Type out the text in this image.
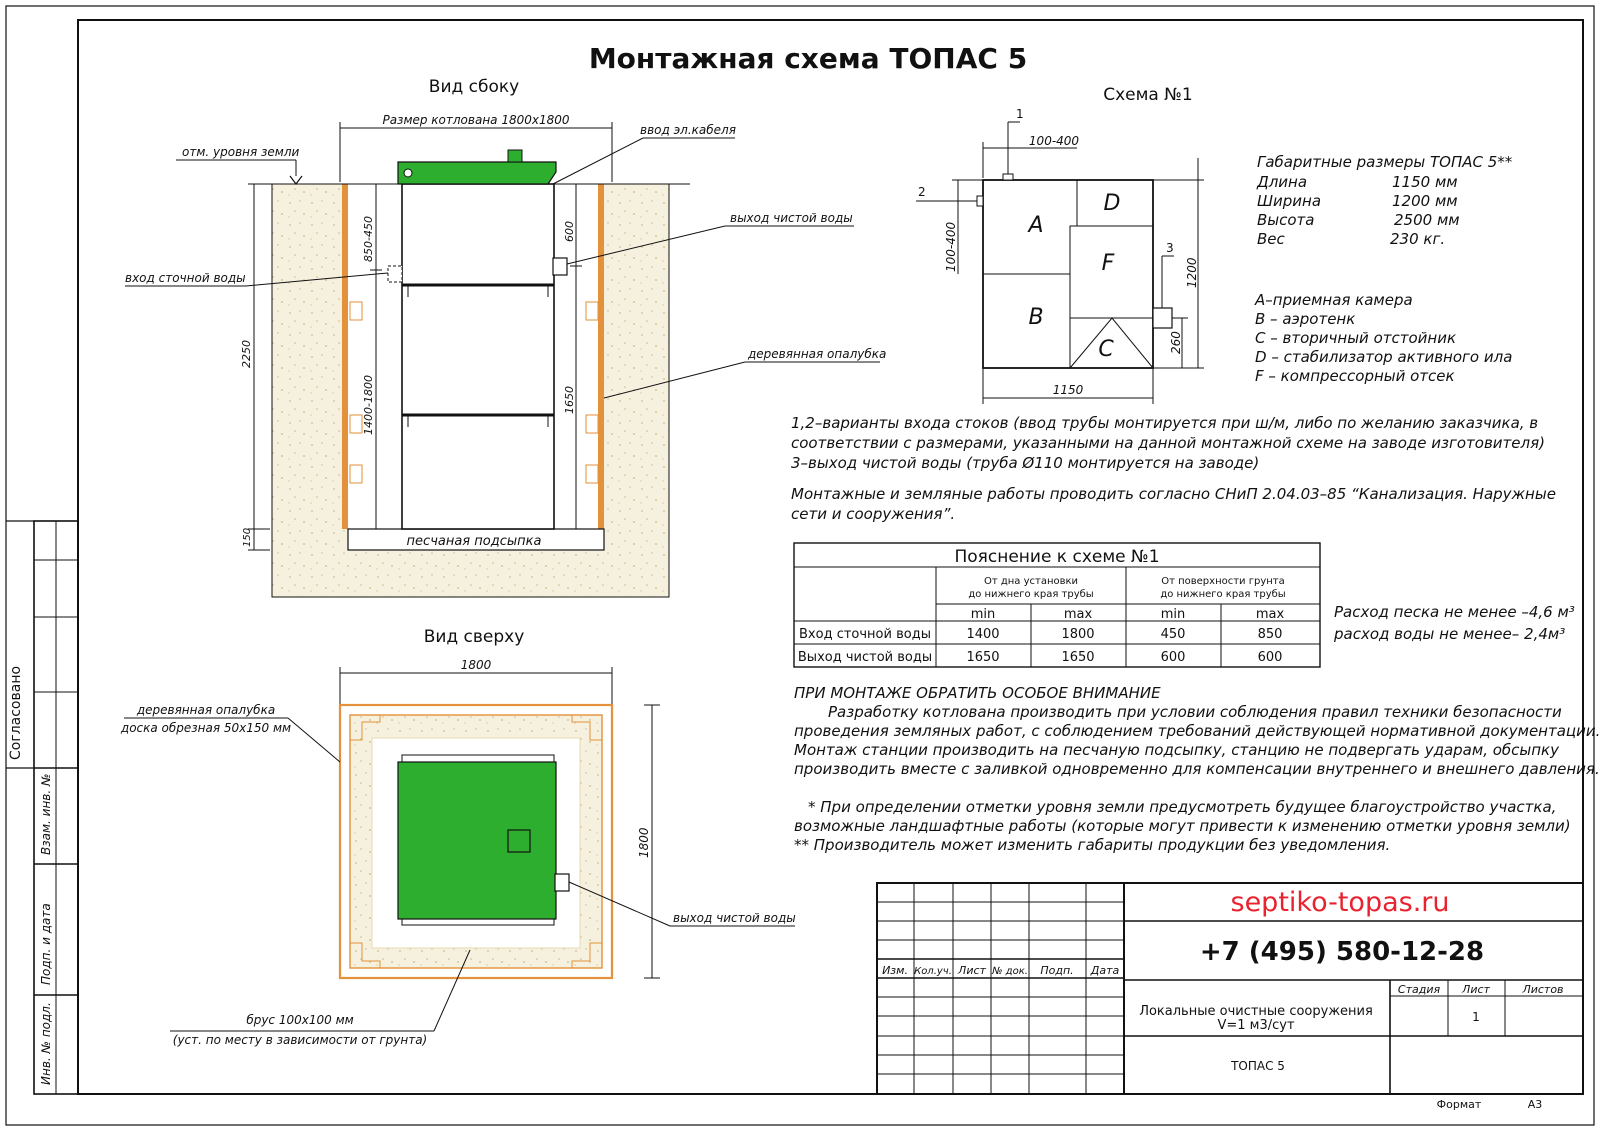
Согласовано
Взам. инв. №
Подп. и дата
Инв. № подл.
Монтажная схема ТОПАС 5
Вид сбоку
песчаная подсыпка
Размер котлована 1800х1800
отм. уровня земли
ввод эл.кабеля
выход чистой воды
вход сточной воды
деревянная опалубка
2250
150
850-450
1400-1800
600
1650
Вид сверху
1800
1800
выход чистой воды
деревянная опалубка
доска обрезная 50х150 мм
брус 100х100 мм
(уст. по месту в зависимости от грунта)
Схема №1
A
D
F
B
C
1
100-400
2
100-400	3
1200
260
1150
Габаритные размеры ТОПАС 5**
Длина	1150 мм
Ширина	1200 мм
Высота	2500 мм
Вес	230 кг.
А–приемная камера
В – аэротенк
С – вторичный отстойник
D – стабилизатор активного ила
F – компрессорный отсек
1,2–варианты входа стоков (ввод трубы монтируется при ш/м, либо по желанию заказчика, в
соответствии с размерами, указанными на данной монтажной схеме на заводе изготовителя)
3–выход чистой воды (труба Ø110 монтируется на заводе)
Монтажные и земляные работы проводить согласно СНиП 2.04.03–85 “Канализация. Наружные
сети и сооружения”.
Пояснение к схеме №1
От дна установки
до нижнего края трубы
От поверхности грунта
до нижнего края трубы
min	max	min	max
Вход сточной воды	1400	1800	450	850
Выход чистой воды	1650	1650	600	600
Расход песка не менее –4,6 м³
расход воды не менее– 2,4м³
ПРИ МОНТАЖЕ ОБРАТИТЬ ОСОБОЕ ВНИМАНИЕ
Разработку котлована производить при условии соблюдения правил техники безопасности
проведения земляных работ, с соблюдением требований действующей нормативной документации.
Монтаж станции производить на песчаную подсыпку, станцию не подвергать ударам, обсыпку
производить вместе с заливкой одновременно для компенсации внутреннего и внешнего давления.
* При определении отметки уровня земли предусмотреть будущее благоустройство участка,
возможные ландшафтные работы (которые могут привести к изменению отметки уровня земли)
** Производитель может изменить габариты продукции без уведомления.
Изм. Кол.уч. Лист № док. Подп. Дата
septiko-topas.ru
+7 (495) 580-12-28
Стадия Лист	Листов
1
Локальные очистные сооружения
V=1 м3/сут
ТОПАС 5
Формат	А3
